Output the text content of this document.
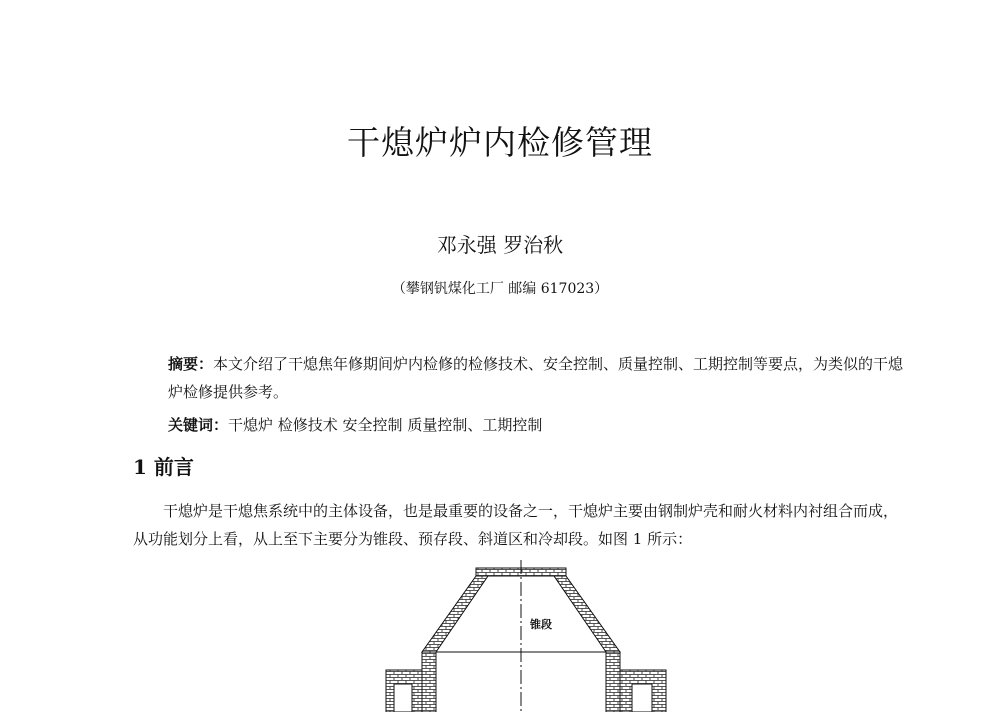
干熄炉炉内检修管理
邓永强 罗治秋
（攀钢钒煤化工厂 邮编 617023）
摘要：本文介绍了干熄焦年修期间炉内检修的检修技术、安全控制、质量控制、工期控制等要点，为类似的干熄炉检修提供参考。
关键词：干熄炉 检修技术 安全控制 质量控制、工期控制
1 前言
干熄炉是干熄焦系统中的主体设备，也是最重要的设备之一，干熄炉主要由钢制炉壳和耐火材料内衬组合而成，从功能划分上看，从上至下主要分为锥段、预存段、斜道区和冷却段。如图 1 所示：
锥段
